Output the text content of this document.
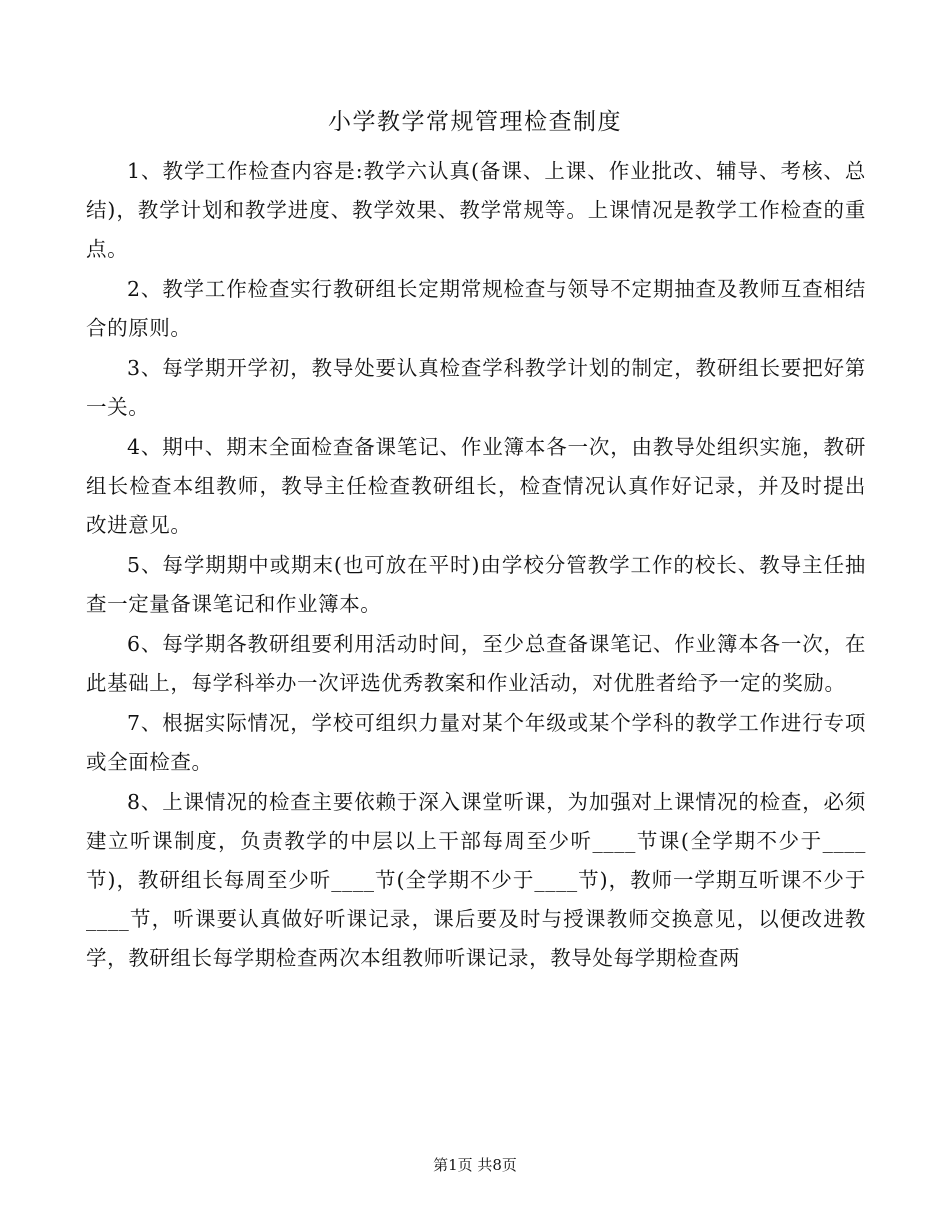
小学教学常规管理检查制度

1、教学工作检查内容是:教学六认真(备课、上课、作业批改、辅导、考核、总结)，教学计划和教学进度、教学效果、教学常规等。上课情况是教学工作检查的重点。

2、教学工作检查实行教研组长定期常规检查与领导不定期抽查及教师互查相结合的原则。

3、每学期开学初，教导处要认真检查学科教学计划的制定，教研组长要把好第一关。

4、期中、期末全面检查备课笔记、作业簿本各一次，由教导处组织实施，教研组长检查本组教师，教导主任检查教研组长，检查情况认真作好记录，并及时提出改进意见。

5、每学期期中或期末(也可放在平时)由学校分管教学工作的校长、教导主任抽查一定量备课笔记和作业簿本。

6、每学期各教研组要利用活动时间，至少总查备课笔记、作业簿本各一次，在此基础上，每学科举办一次评选优秀教案和作业活动，对优胜者给予一定的奖励。

7、根据实际情况，学校可组织力量对某个年级或某个学科的教学工作进行专项或全面检查。

8、上课情况的检查主要依赖于深入课堂听课，为加强对上课情况的检查，必须建立听课制度，负责教学的中层以上干部每周至少听____节课(全学期不少于____节)，教研组长每周至少听____节(全学期不少于____节)，教师一学期互听课不少于____节，听课要认真做好听课记录，课后要及时与授课教师交换意见，以便改进教学，教研组长每学期检查两次本组教师听课记录，教导处每学期检查两

第1页 共8页
